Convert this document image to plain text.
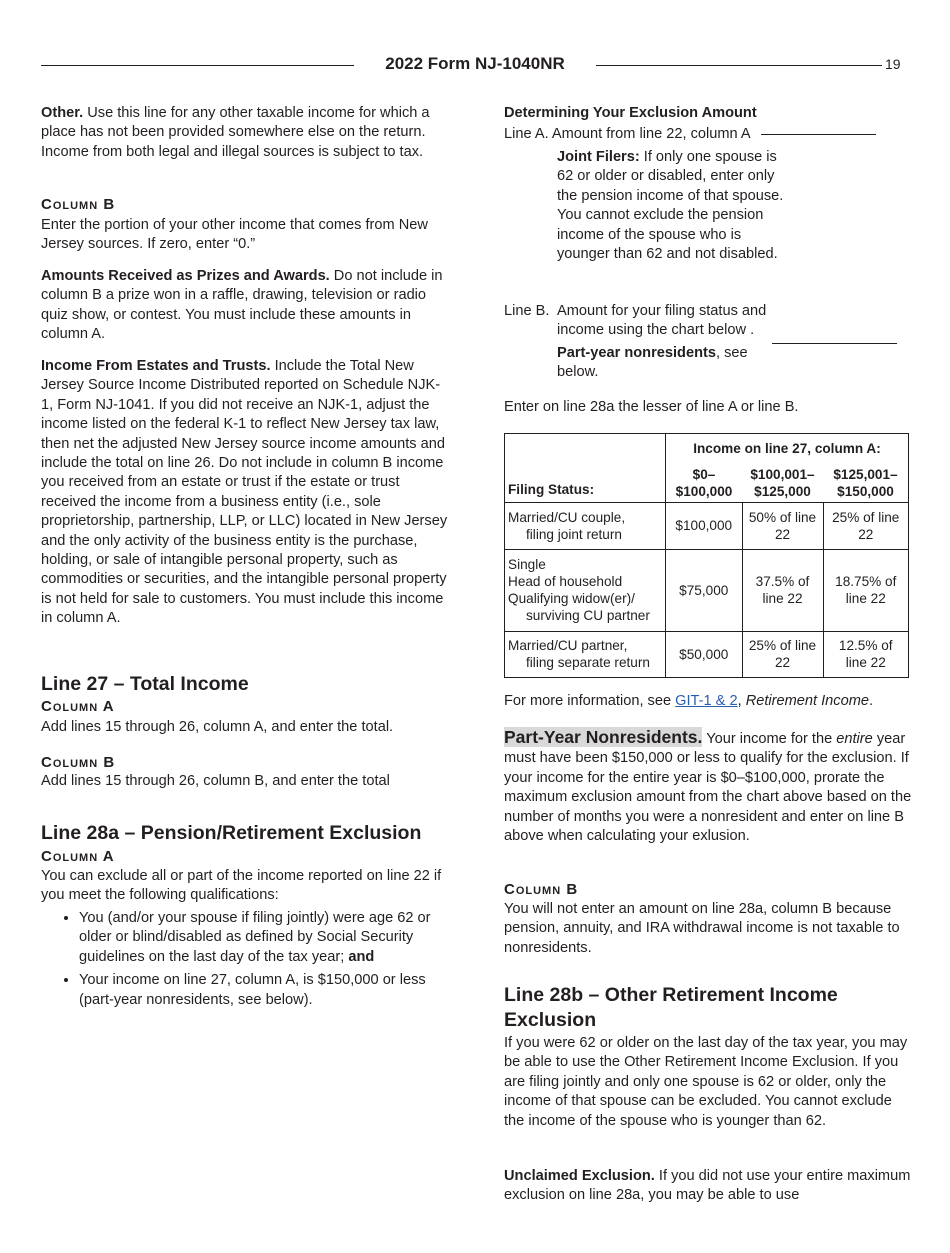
2022 Form NJ-1040NR	19
Other. Use this line for any other taxable income for which a place has not been provided somewhere else on the return. Income from both legal and illegal sources is subject to tax.
Column B
Enter the portion of your other income that comes from New Jersey sources. If zero, enter “0.”
Amounts Received as Prizes and Awards. Do not include in column B a prize won in a raffle, drawing, television or radio quiz show, or contest. You must include these amounts in column A.
Income From Estates and Trusts. Include the Total New Jersey Source Income Distributed reported on Schedule NJK-1, Form NJ-1041. If you did not receive an NJK-1, adjust the income listed on the federal K-1 to reflect New Jersey tax law, then net the adjusted New Jersey source income amounts and include the total on line 26. Do not include in column B income you received from an estate or trust if the estate or trust received the income from a business entity (i.e., sole proprietorship, partnership, LLP, or LLC) located in New Jersey and the only activity of the business entity is the purchase, holding, or sale of intangible personal property, such as commodities or securities, and the intangible personal property is not held for sale to customers. You must include this income in column A.
Line 27 – Total Income
Column A
Add lines 15 through 26, column A, and enter the total.
Column B
Add lines 15 through 26, column B, and enter the total
Line 28a – Pension/Retirement Exclusion
Column A
You can exclude all or part of the income reported on line 22 if you meet the following qualifications:
• You (and/or your spouse if filing jointly) were age 62 or older or blind/disabled as defined by Social Security guidelines on the last day of the tax year; and
• Your income on line 27, column A, is $150,000 or less (part-year nonresidents, see below).
Determining Your Exclusion Amount
Line A. Amount from line 22, column A
Joint Filers: If only one spouse is 62 or older or disabled, enter only the pension income of that spouse. You cannot exclude the pension income of the spouse who is younger than 62 and not disabled.
Line B. Amount for your filing status and income using the chart below .
Part-year nonresidents, see below.
Enter on line 28a the lesser of line A or line B.
Filing Status:	Income on line 27, column A:		
	$0– $100,000	$100,001– $125,000	$125,001– $150,000
Married/CU couple,
filing joint return	$100,000	50% of line 22	25% of line 22
Single
Head of household
Qualifying widow(er)/
surviving CU partner	$75,000	37.5% of line 22	18.75% of line 22
Married/CU partner,
filing separate return	$50,000	25% of line 22	12.5% of line 22
For more information, see GIT-1 & 2, Retirement Income.
Part-Year Nonresidents. Your income for the entire year must have been $150,000 or less to qualify for the exclusion. If your income for the entire year is $0–$100,000, prorate the maximum exclusion amount from the chart above based on the number of months you were a nonresident and enter on line B above when calculating your exlusion.
Column B
You will not enter an amount on line 28a, column B because pension, annuity, and IRA withdrawal income is not taxable to nonresidents.
Line 28b – Other Retirement Income Exclusion
If you were 62 or older on the last day of the tax year, you may be able to use the Other Retirement Income Exclusion. If you are filing jointly and only one spouse is 62 or older, only the income of that spouse can be excluded. You cannot exclude the income of the spouse who is younger than 62.
Unclaimed Exclusion. If you did not use your entire maximum exclusion on line 28a, you may be able to use
